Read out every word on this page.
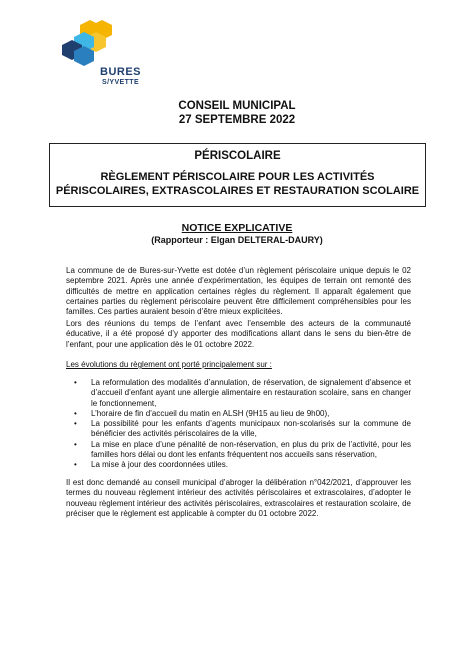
BURES
S/YVETTE
CONSEIL MUNICIPAL
27 SEPTEMBRE 2022
PÉRISCOLAIRE
RÈGLEMENT PÉRISCOLAIRE POUR LES ACTIVITÉS
PÉRISCOLAIRES, EXTRASCOLAIRES ET RESTAURATION SCOLAIRE
NOTICE EXPLICATIVE
(Rapporteur : Elgan DELTERAL-DAURY)
La commune de de Bures-sur-Yvette est dotée d’un règlement périscolaire unique depuis le 02 septembre 2021. Après une année d’expérimentation, les équipes de terrain ont remonté des difficultés de mettre en application certaines règles du règlement. Il apparaît également que certaines parties du règlement périscolaire peuvent être difficilement compréhensibles pour les familles. Ces parties auraient besoin d’être mieux explicitées.
Lors des réunions du temps de l’enfant avec l’ensemble des acteurs de la communauté éducative, il a été proposé d’y apporter des modifications allant dans le sens du bien-être de l’enfant, pour une application dès le 01 octobre 2022.
Les évolutions du règlement ont porté principalement sur :
• La reformulation des modalités d’annulation, de réservation, de signalement d’absence et d’accueil d’enfant ayant une allergie alimentaire en restauration scolaire, sans en changer le fonctionnement,
• L’horaire de fin d’accueil du matin en ALSH (9H15 au lieu de 9h00),
• La possibilité pour les enfants d’agents municipaux non-scolarisés sur la commune de bénéficier des activités périscolaires de la ville,
• La mise en place d’une pénalité de non-réservation, en plus du prix de l’activité, pour les familles hors délai ou dont les enfants fréquentent nos accueils sans réservation,
• La mise à jour des coordonnées utiles.
Il est donc demandé au conseil municipal d’abroger la délibération n°042/2021, d’approuver les termes du nouveau règlement intérieur des activités périscolaires et extrascolaires, d’adopter le nouveau règlement intérieur des activités périscolaires, extrascolaires et restauration scolaire, de préciser que le règlement est applicable à compter du 01 octobre 2022.
